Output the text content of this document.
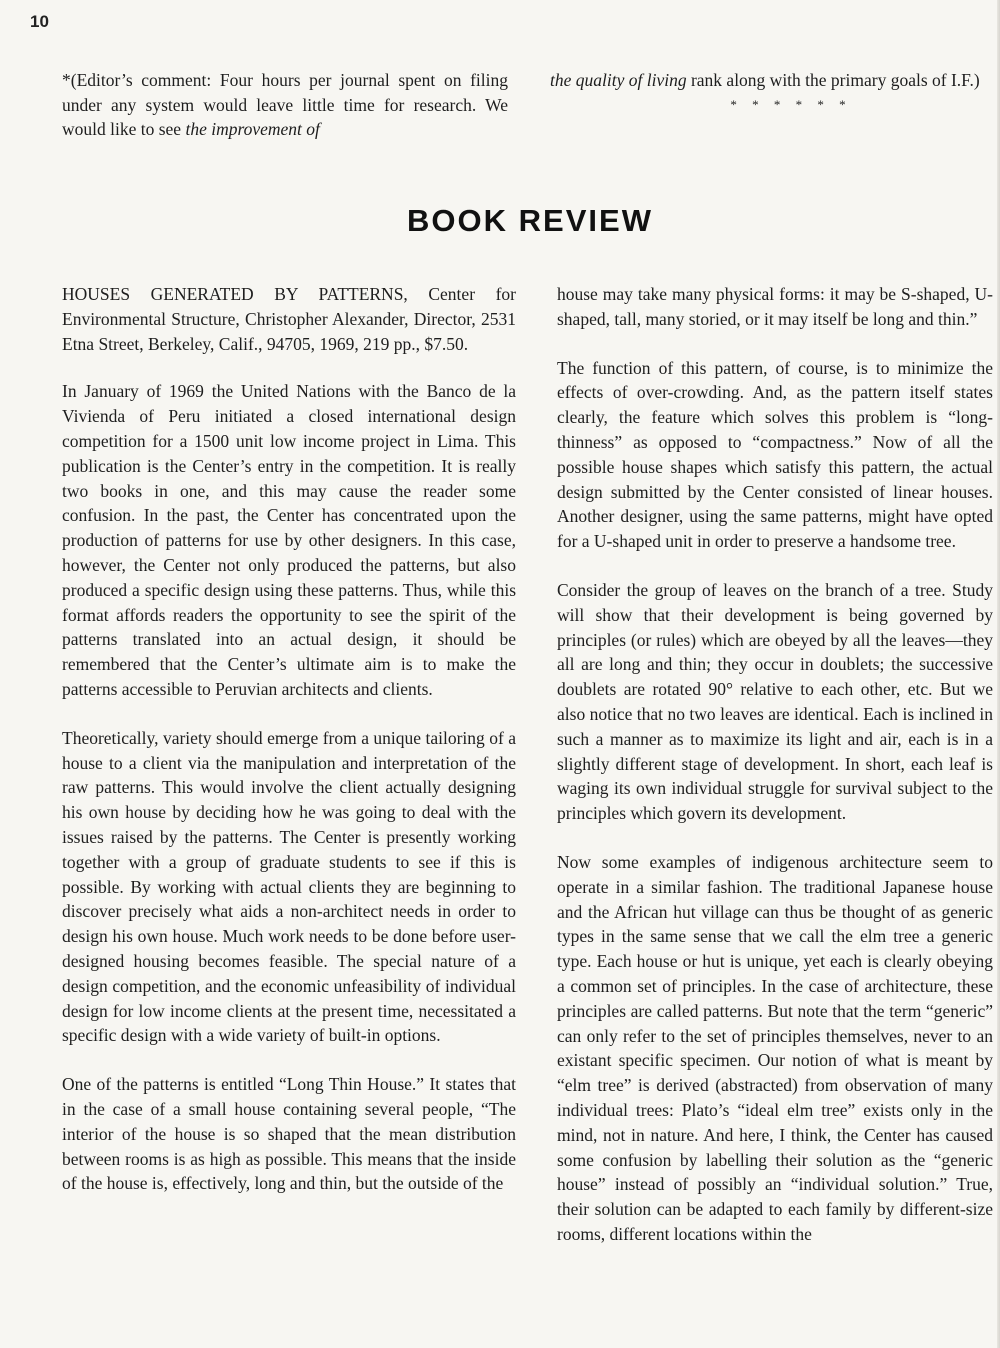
10
*(Editor’s comment: Four hours per journal spent on filing under any system would leave little time for research. We would like to see the improvement of
the quality of living rank along with the primary goals of I.F.)
* * * * * *
BOOK REVIEW

HOUSES GENERATED BY PATTERNS, Center for Environmental Structure, Christopher Alexander, Director, 2531 Etna Street, Berkeley, Calif., 94705, 1969, 219 pp., $7.50.

In January of 1969 the United Nations with the Banco de la Vivienda of Peru initiated a closed international design competition for a 1500 unit low income project in Lima. This publication is the Center’s entry in the competition. It is really two books in one, and this may cause the reader some confusion. In the past, the Center has concentrated upon the production of patterns for use by other designers. In this case, however, the Center not only produced the patterns, but also produced a specific design using these patterns. Thus, while this format affords readers the opportunity to see the spirit of the patterns translated into an actual design, it should be remembered that the Center’s ultimate aim is to make the patterns accessible to Peruvian architects and clients.

Theoretically, variety should emerge from a unique tailoring of a house to a client via the manipulation and interpretation of the raw patterns. This would involve the client actually designing his own house by deciding how he was going to deal with the issues raised by the patterns. The Center is presently working together with a group of graduate students to see if this is possible. By working with actual clients they are beginning to discover precisely what aids a non-architect needs in order to design his own house. Much work needs to be done before user-designed housing becomes feasible. The special nature of a design competition, and the economic unfeasibility of individual design for low income clients at the present time, necessitated a specific design with a wide variety of built-in options.

One of the patterns is entitled “Long Thin House.” It states that in the case of a small house containing several people, “The interior of the house is so shaped that the mean distribution between rooms is as high as possible. This means that the inside of the house is, effectively, long and thin, but the outside of the

house may take many physical forms: it may be S-shaped, U-shaped, tall, many storied, or it may itself be long and thin.”

The function of this pattern, of course, is to minimize the effects of over-crowding. And, as the pattern itself states clearly, the feature which solves this problem is “long-thinness” as opposed to “compactness.” Now of all the possible house shapes which satisfy this pattern, the actual design submitted by the Center consisted of linear houses. Another designer, using the same patterns, might have opted for a U-shaped unit in order to preserve a handsome tree.

Consider the group of leaves on the branch of a tree. Study will show that their development is being governed by principles (or rules) which are obeyed by all the leaves—they all are long and thin; they occur in doublets; the successive doublets are rotated 90° relative to each other, etc. But we also notice that no two leaves are identical. Each is inclined in such a manner as to maximize its light and air, each is in a slightly different stage of development. In short, each leaf is waging its own individual struggle for survival subject to the principles which govern its development.

Now some examples of indigenous architecture seem to operate in a similar fashion. The traditional Japanese house and the African hut village can thus be thought of as generic types in the same sense that we call the elm tree a generic type. Each house or hut is unique, yet each is clearly obeying a common set of principles. In the case of architecture, these principles are called patterns. But note that the term “generic” can only refer to the set of principles themselves, never to an existant specific specimen. Our notion of what is meant by “elm tree” is derived (abstracted) from observation of many individual trees: Plato’s “ideal elm tree” exists only in the mind, not in nature. And here, I think, the Center has caused some confusion by labelling their solution as the “generic house” instead of possibly an “individual solution.” True, their solution can be adapted to each family by different-size rooms, different locations within the
